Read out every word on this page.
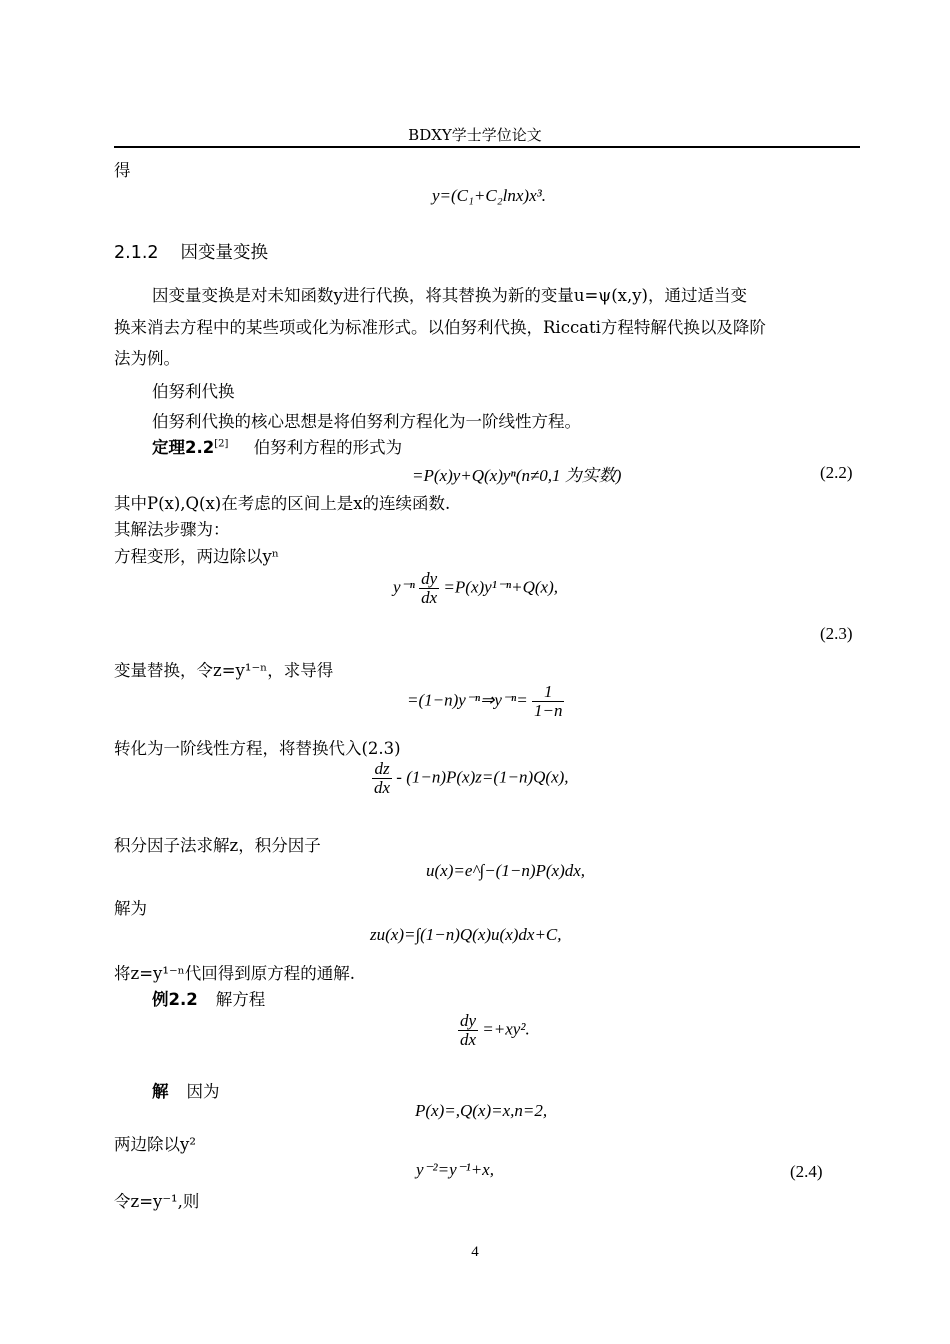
BDXY学士学位论文
得
y=(C₁+C₂lnx)x³.
2.1.2 因变量变换
因变量变换是对未知函数y进行代换，将其替换为新的变量u=ψ(x,y)，通过适当变
换来消去方程中的某些项或化为标准形式。以伯努利代换，Riccati方程特解代换以及降阶
法为例。
伯努利代换
伯努利代换的核心思想是将伯努利方程化为一阶线性方程。
定理2.2[2] 伯努利方程的形式为
=P(x)y+Q(x)yⁿ(n≠0,1 为实数)	(2.2)
其中P(x),Q(x)在考虑的区间上是x的连续函数.
其解法步骤为：
方程变形，两边除以yⁿ
$y^{-n} \frac{dy}{dx} =P(x)y^{1-n}+Q(x)$,
(2.3)
变量替换，令z=y¹⁻ⁿ，求导得
=(1−n)y⁻ⁿ⇒y⁻ⁿ= $\frac{1}{1-n}$
转化为一阶线性方程，将替换代入(2.3)
$\frac{dz}{dx} - (1-n)P(x)z=(1-n)Q(x)$,
积分因子法求解z，积分因子
u(x)=e^∫−(1−n)P(x)dx,
解为
zu(x)=∫(1−n)Q(x)u(x)dx+C,
将z=y¹⁻ⁿ代回得到原方程的通解.
例2.2 解方程
$\frac{dy}{dx} =+xy^2$.
解 因为
P(x)=,Q(x)=x,n=2,
两边除以y²
y⁻²=y⁻¹+x,	(2.4)
令z=y⁻¹,则
4
